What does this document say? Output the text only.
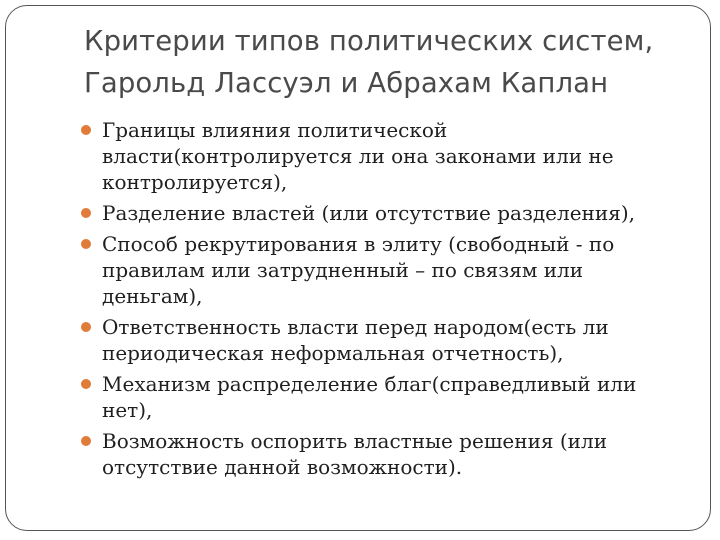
Критерии типов политических систем,
Гарольд Лассуэл и Абрахам Каплан
Границы влияния политической
власти(контролируется ли она законами или не
контролируется),
Разделение властей (или отсутствие разделения),
Способ рекрутирования в элиту (свободный - по
правилам или затрудненный – по связям или
деньгам),
Ответственность власти перед народом(есть ли
периодическая неформальная отчетность),
Механизм распределение благ(справедливый или
нет),
Возможность оспорить властные решения (или
отсутствие данной возможности).
